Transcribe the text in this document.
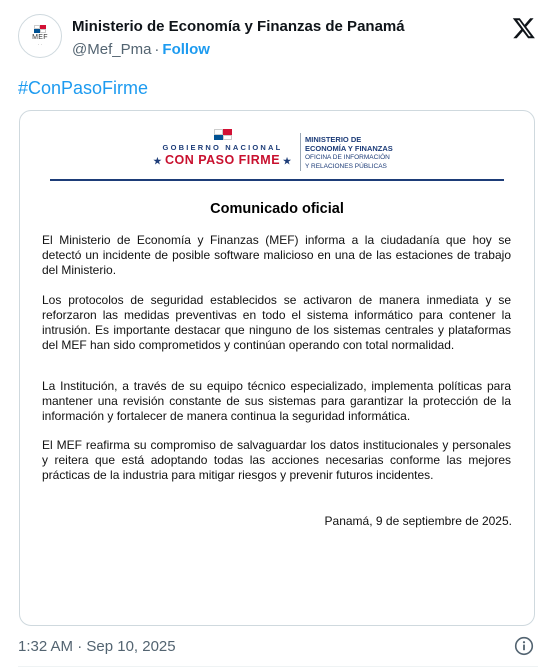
MEF
· ·
Ministerio de Economía y Finanzas de Panamá
@Mef_Pma · Follow
#ConPasoFirme
GOBIERNO NACIONAL
★ CON PASO FIRME ★
MINISTERIO DE
ECONOMÍA Y FINANZAS
OFICINA DE INFORMACIÓN
Y RELACIONES PÚBLICAS
Comunicado oficial
El Ministerio de Economía y Finanzas (MEF) informa a la ciudadanía que hoy se detectó un incidente de posible software malicioso en una de las estaciones de trabajo del Ministerio.
Los protocolos de seguridad establecidos se activaron de manera inmediata y se reforzaron las medidas preventivas en todo el sistema informático para contener la intrusión. Es importante destacar que ninguno de los sistemas centrales y plataformas del MEF han sido comprometidos y continúan operando con total normalidad.
La Institución, a través de su equipo técnico especializado, implementa políticas para mantener una revisión constante de sus sistemas para garantizar la protección de la información y fortalecer de manera continua la seguridad informática.
El MEF reafirma su compromiso de salvaguardar los datos institucionales y personales y reitera que está adoptando todas las acciones necesarias conforme las mejores prácticas de la industria para mitigar riesgos y prevenir futuros incidentes.
Panamá, 9 de septiembre de 2025.
1:32 AM · Sep 10, 2025
